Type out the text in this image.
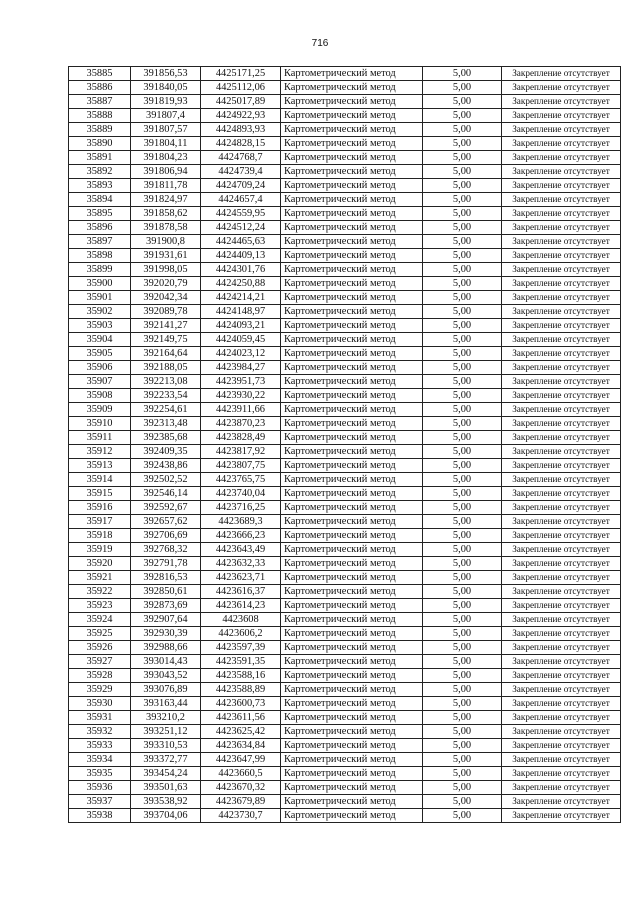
716
35885	391856,53	4425171,25	Картометрический метод	5,00	Закрепление отсутствует
35886	391840,05	4425112,06	Картометрический метод	5,00	Закрепление отсутствует
35887	391819,93	4425017,89	Картометрический метод	5,00	Закрепление отсутствует
35888	391807,4	4424922,93	Картометрический метод	5,00	Закрепление отсутствует
35889	391807,57	4424893,93	Картометрический метод	5,00	Закрепление отсутствует
35890	391804,11	4424828,15	Картометрический метод	5,00	Закрепление отсутствует
35891	391804,23	4424768,7	Картометрический метод	5,00	Закрепление отсутствует
35892	391806,94	4424739,4	Картометрический метод	5,00	Закрепление отсутствует
35893	391811,78	4424709,24	Картометрический метод	5,00	Закрепление отсутствует
35894	391824,97	4424657,4	Картометрический метод	5,00	Закрепление отсутствует
35895	391858,62	4424559,95	Картометрический метод	5,00	Закрепление отсутствует
35896	391878,58	4424512,24	Картометрический метод	5,00	Закрепление отсутствует
35897	391900,8	4424465,63	Картометрический метод	5,00	Закрепление отсутствует
35898	391931,61	4424409,13	Картометрический метод	5,00	Закрепление отсутствует
35899	391998,05	4424301,76	Картометрический метод	5,00	Закрепление отсутствует
35900	392020,79	4424250,88	Картометрический метод	5,00	Закрепление отсутствует
35901	392042,34	4424214,21	Картометрический метод	5,00	Закрепление отсутствует
35902	392089,78	4424148,97	Картометрический метод	5,00	Закрепление отсутствует
35903	392141,27	4424093,21	Картометрический метод	5,00	Закрепление отсутствует
35904	392149,75	4424059,45	Картометрический метод	5,00	Закрепление отсутствует
35905	392164,64	4424023,12	Картометрический метод	5,00	Закрепление отсутствует
35906	392188,05	4423984,27	Картометрический метод	5,00	Закрепление отсутствует
35907	392213,08	4423951,73	Картометрический метод	5,00	Закрепление отсутствует
35908	392233,54	4423930,22	Картометрический метод	5,00	Закрепление отсутствует
35909	392254,61	4423911,66	Картометрический метод	5,00	Закрепление отсутствует
35910	392313,48	4423870,23	Картометрический метод	5,00	Закрепление отсутствует
35911	392385,68	4423828,49	Картометрический метод	5,00	Закрепление отсутствует
35912	392409,35	4423817,92	Картометрический метод	5,00	Закрепление отсутствует
35913	392438,86	4423807,75	Картометрический метод	5,00	Закрепление отсутствует
35914	392502,52	4423765,75	Картометрический метод	5,00	Закрепление отсутствует
35915	392546,14	4423740,04	Картометрический метод	5,00	Закрепление отсутствует
35916	392592,67	4423716,25	Картометрический метод	5,00	Закрепление отсутствует
35917	392657,62	4423689,3	Картометрический метод	5,00	Закрепление отсутствует
35918	392706,69	4423666,23	Картометрический метод	5,00	Закрепление отсутствует
35919	392768,32	4423643,49	Картометрический метод	5,00	Закрепление отсутствует
35920	392791,78	4423632,33	Картометрический метод	5,00	Закрепление отсутствует
35921	392816,53	4423623,71	Картометрический метод	5,00	Закрепление отсутствует
35922	392850,61	4423616,37	Картометрический метод	5,00	Закрепление отсутствует
35923	392873,69	4423614,23	Картометрический метод	5,00	Закрепление отсутствует
35924	392907,64	4423608	Картометрический метод	5,00	Закрепление отсутствует
35925	392930,39	4423606,2	Картометрический метод	5,00	Закрепление отсутствует
35926	392988,66	4423597,39	Картометрический метод	5,00	Закрепление отсутствует
35927	393014,43	4423591,35	Картометрический метод	5,00	Закрепление отсутствует
35928	393043,52	4423588,16	Картометрический метод	5,00	Закрепление отсутствует
35929	393076,89	4423588,89	Картометрический метод	5,00	Закрепление отсутствует
35930	393163,44	4423600,73	Картометрический метод	5,00	Закрепление отсутствует
35931	393210,2	4423611,56	Картометрический метод	5,00	Закрепление отсутствует
35932	393251,12	4423625,42	Картометрический метод	5,00	Закрепление отсутствует
35933	393310,53	4423634,84	Картометрический метод	5,00	Закрепление отсутствует
35934	393372,77	4423647,99	Картометрический метод	5,00	Закрепление отсутствует
35935	393454,24	4423660,5	Картометрический метод	5,00	Закрепление отсутствует
35936	393501,63	4423670,32	Картометрический метод	5,00	Закрепление отсутствует
35937	393538,92	4423679,89	Картометрический метод	5,00	Закрепление отсутствует
35938	393704,06	4423730,7	Картометрический метод	5,00	Закрепление отсутствует
